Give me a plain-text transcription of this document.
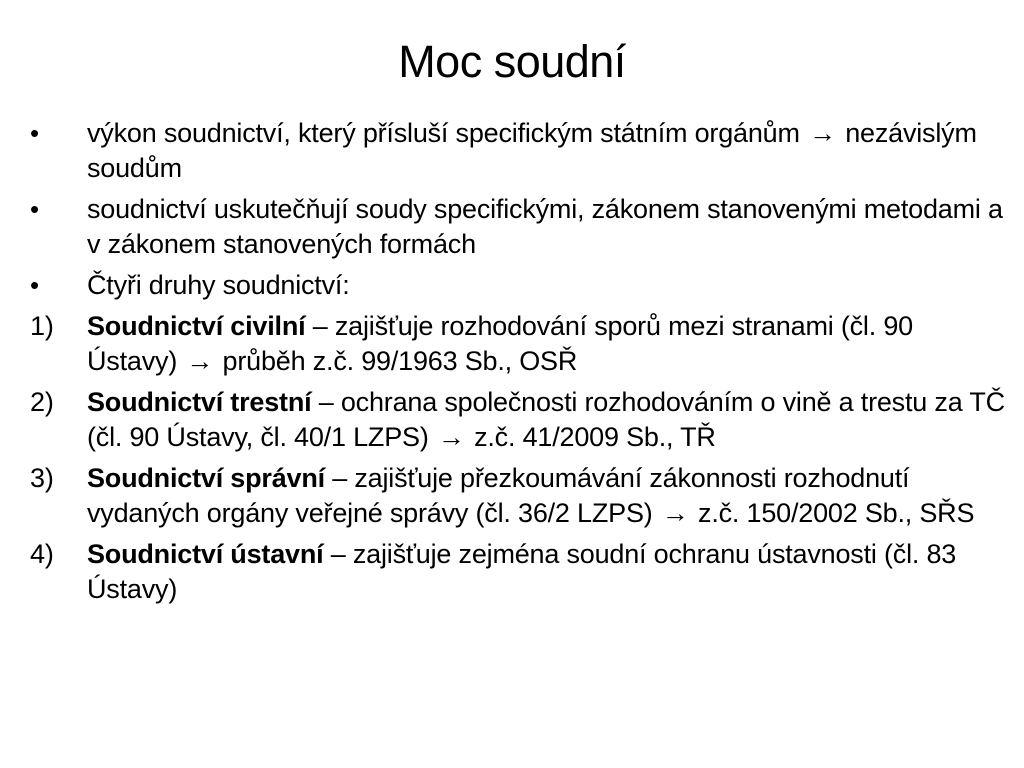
Moc soudní
• výkon soudnictví, který přísluší specifickým státním orgánům → nezávislým soudům
• soudnictví uskutečňují soudy specifickými, zákonem stanovenými metodami a v zákonem stanovených formách
• Čtyři druhy soudnictví:
1) Soudnictví civilní – zajišťuje rozhodování sporů mezi stranami (čl. 90 Ústavy) → průběh z.č. 99/1963 Sb., OSŘ
2) Soudnictví trestní – ochrana společnosti rozhodováním o vině a trestu za TČ (čl. 90 Ústavy, čl. 40/1 LZPS) → z.č. 41/2009 Sb., TŘ
3) Soudnictví správní – zajišťuje přezkoumávání zákonnosti rozhodnutí vydaných orgány veřejné správy (čl. 36/2 LZPS) → z.č. 150/2002 Sb., SŘS
4) Soudnictví ústavní – zajišťuje zejména soudní ochranu ústavnosti (čl. 83 Ústavy)
